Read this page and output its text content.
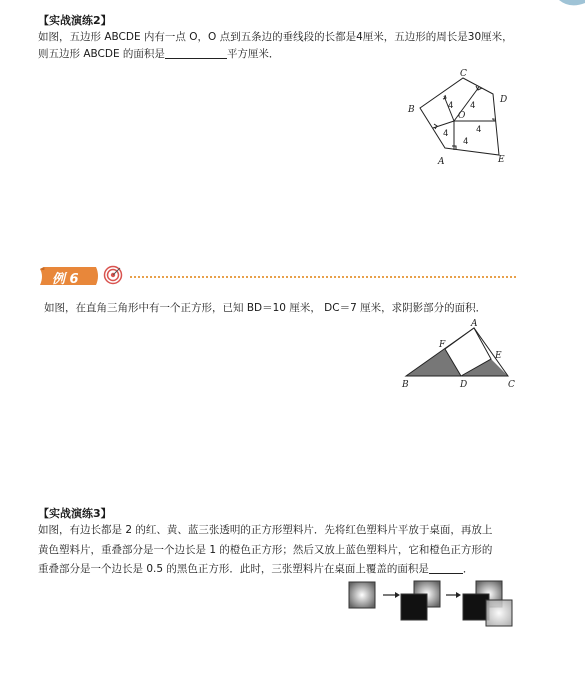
【实战演练2】
如图，五边形 ABCDE 内有一点 O，O 点到五条边的垂线段的长都是4厘米，五边形的周长是30厘米，
则五边形 ABCDE 的面积是	平方厘米．
C
D
B
A	E
O
4 4
4
4
4
例 6
如图，在直角三角形中有一个正方形，已知 BD＝10 厘米， DC＝7 厘米，求阴影部分的面积．
A
F
E
B	D	C
【实战演练3】
如图，有边长都是 2 的红、黄、蓝三张透明的正方形塑料片．先将红色塑料片平放于桌面，再放上
黄色塑料片，重叠部分是一个边长是 1 的橙色正方形；然后又放上蓝色塑料片，它和橙色正方形的
重叠部分是一个边长是 0.5 的黑色正方形．此时，三张塑料片在桌面上覆盖的面积是	．
